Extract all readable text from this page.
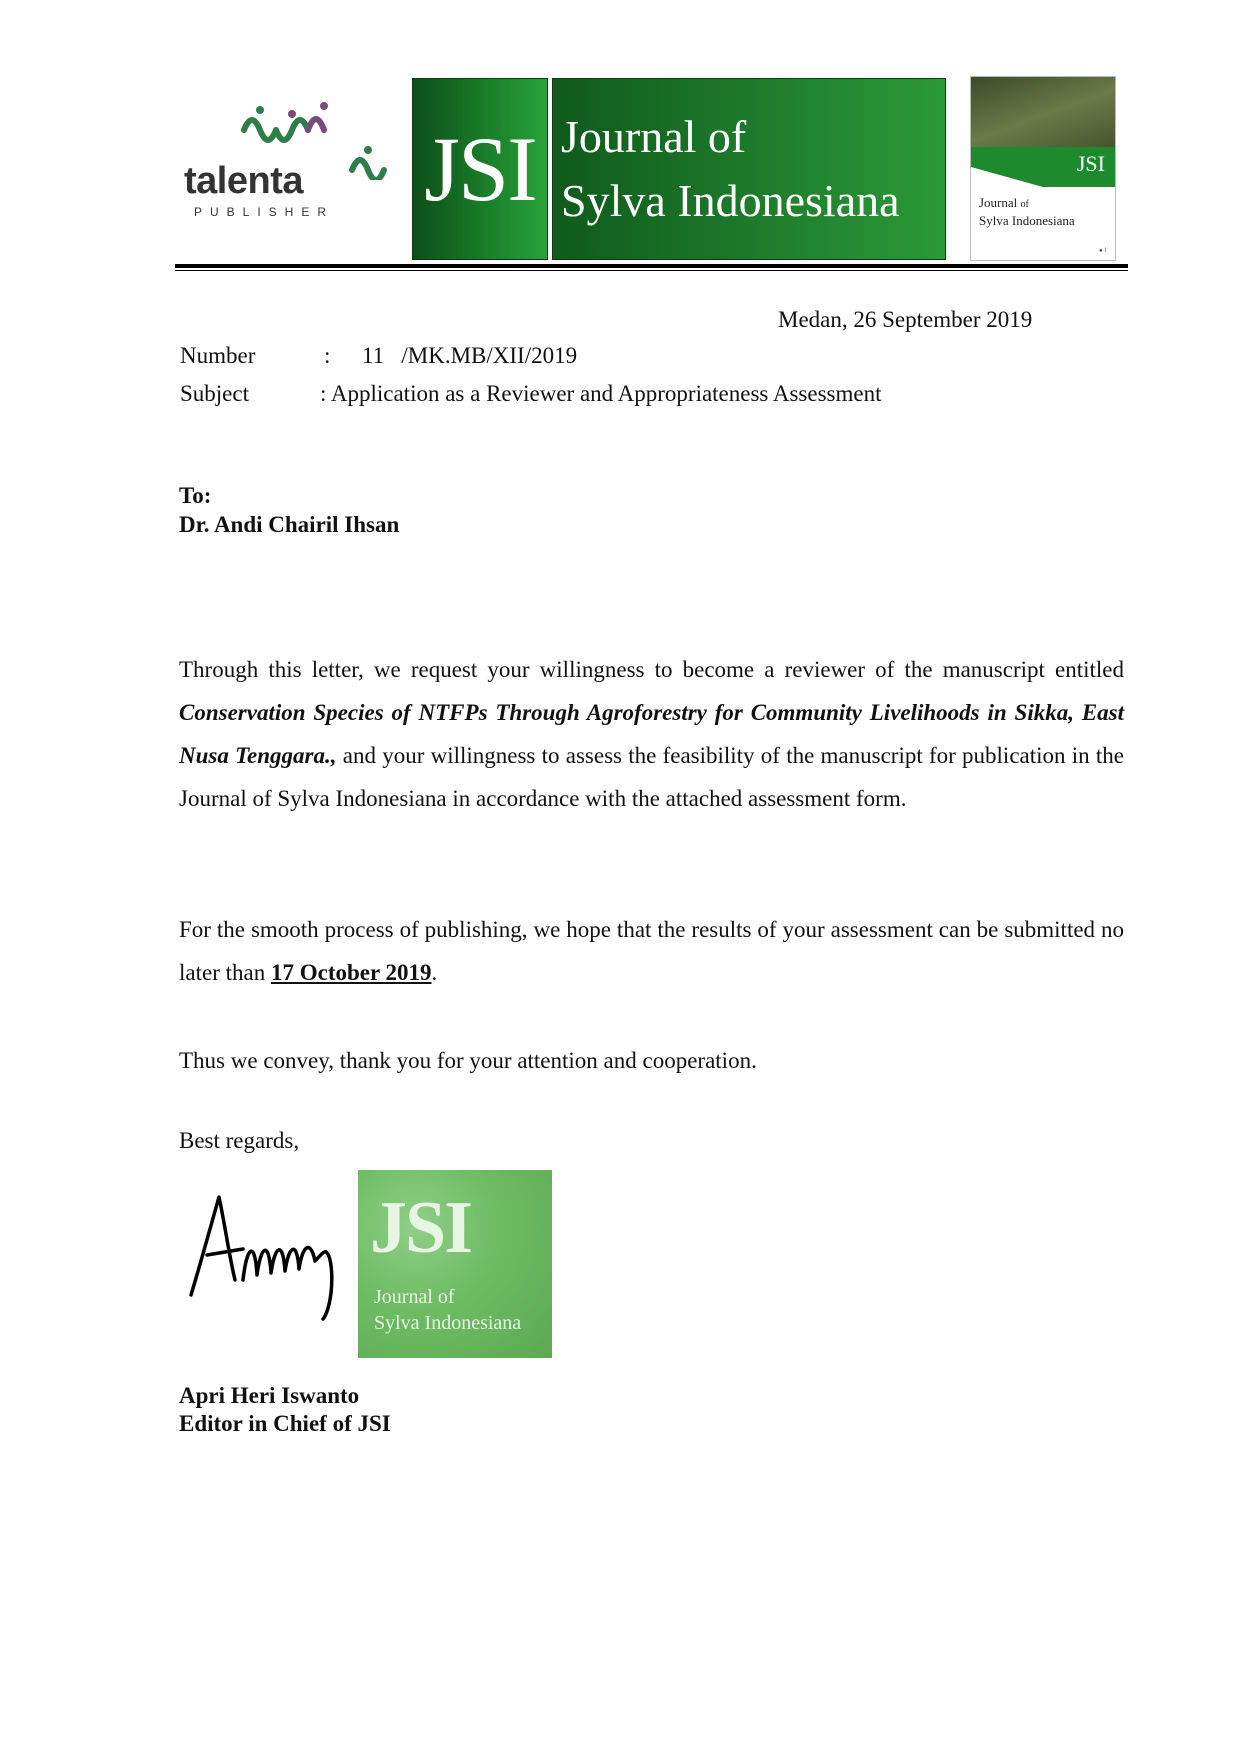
talenta
PUBLISHER JSI Journal of
Sylva Indonesiana
JSI
Journal of
Sylva Indonesiana
● ⌇
Medan, 26 September 2019
Number	: 11   /MK.MB/XII/2019
Subject	: Application as a Reviewer and Appropriateness Assessment
To:
Dr. Andi Chairil Ihsan
Through this letter, we request your willingness to become a reviewer of the manuscript entitled Conservation Species of NTFPs Through Agroforestry for Community Livelihoods in Sikka, East Nusa Tenggara., and your willingness to assess the feasibility of the manuscript for publication in the Journal of Sylva Indonesiana in accordance with the attached assessment form.
For the smooth process of publishing, we hope that the results of your assessment can be submitted no later than 17 October 2019.
Thus we convey, thank you for your attention and cooperation.
Best regards,
JSI
Journal of
Sylva Indonesiana
Apri Heri Iswanto
Editor in Chief of JSI
